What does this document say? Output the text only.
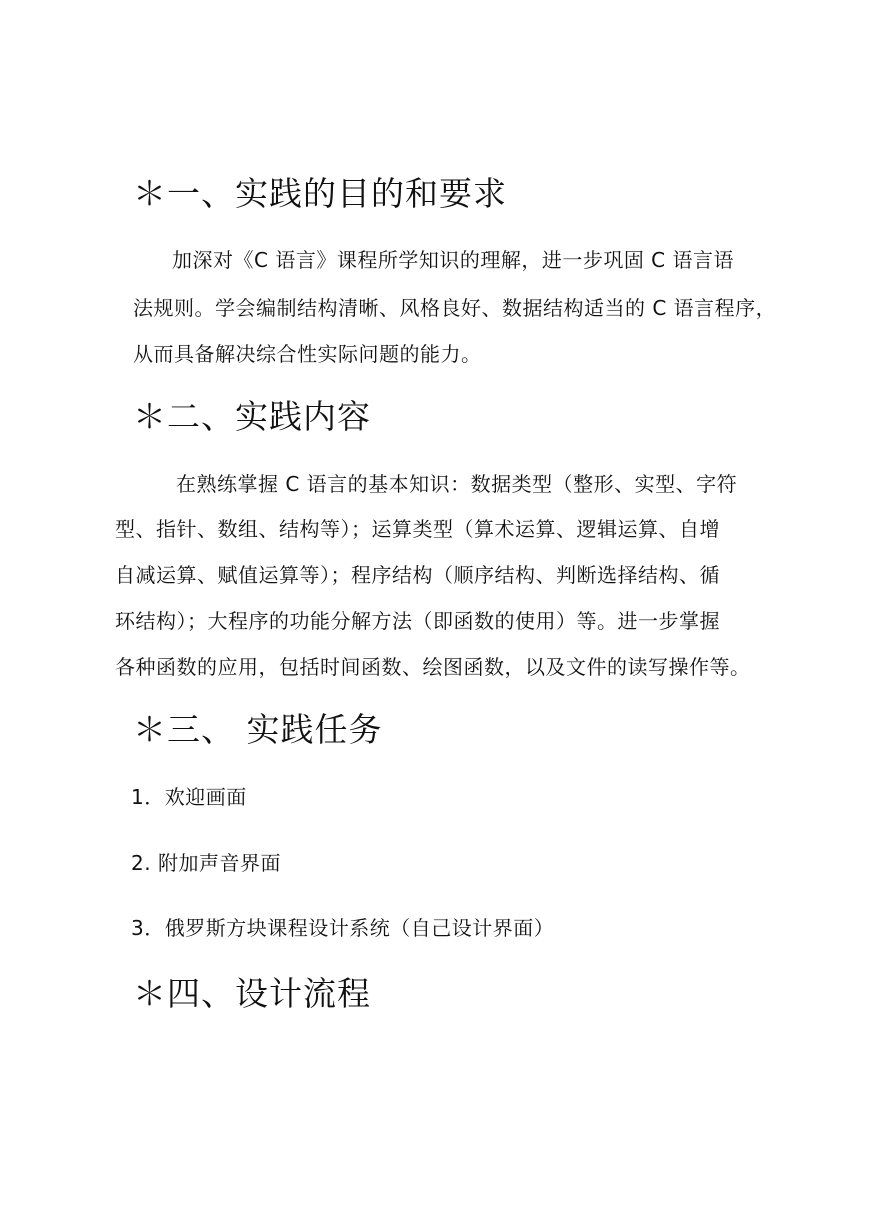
＊一、实践的目的和要求

加深对《C 语言》课程所学知识的理解，进一步巩固 C 语言语

法规则。学会编制结构清晰、风格良好、数据结构适当的 C 语言程序，

从而具备解决综合性实际问题的能力。

＊二、实践内容

在熟练掌握 C 语言的基本知识：数据类型（整形、实型、字符

型、指针、数组、结构等）；运算类型（算术运算、逻辑运算、自增

自减运算、赋值运算等）；程序结构（顺序结构、判断选择结构、循

环结构）；大程序的功能分解方法（即函数的使用）等。进一步掌握

各种函数的应用，包括时间函数、绘图函数，以及文件的读写操作等。

＊三、 实践任务

1．欢迎画面

2. 附加声音界面

3．俄罗斯方块课程设计系统（自己设计界面）

＊四、设计流程
